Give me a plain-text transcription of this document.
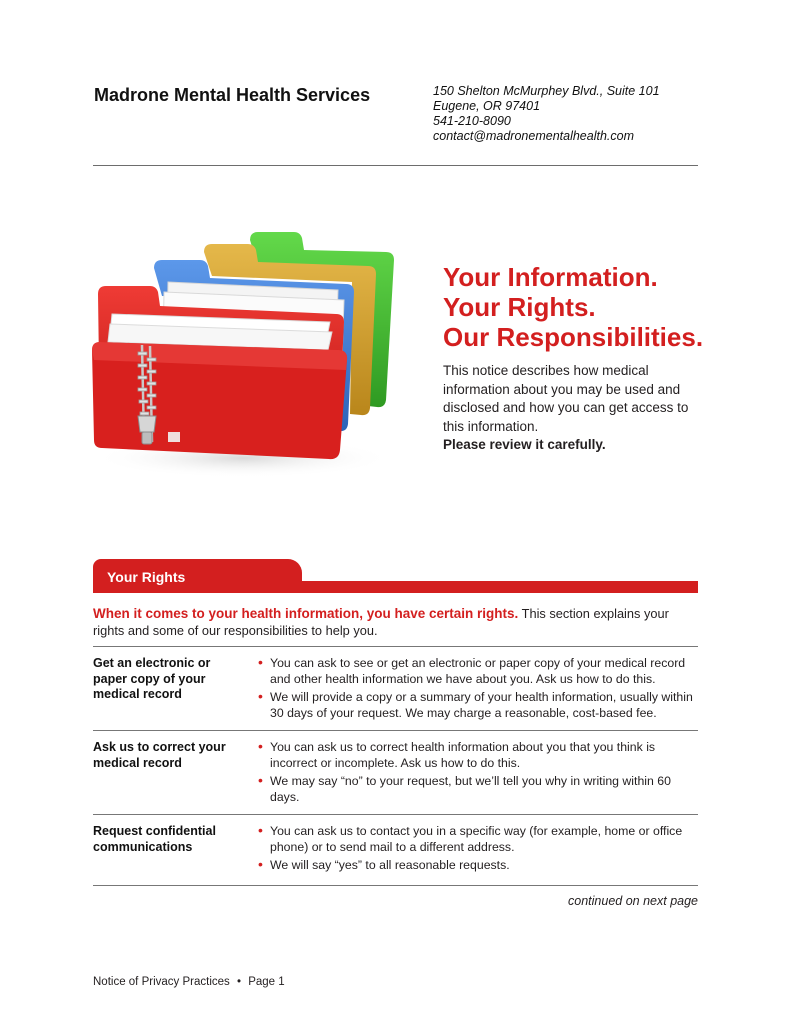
Madrone Mental Health Services	150 Shelton McMurphey Blvd., Suite 101
Eugene, OR 97401
541-210-8090
contact@madronementalhealth.com
Your Information.
Your Rights.
Our Responsibilities.
This notice describes how medical information about you may be used and disclosed and how you can get access to this information.
Please review it carefully.
Your Rights
When it comes to your health information, you have certain rights. This section explains your rights and some of our responsibilities to help you.
Get an electronic or paper copy of your medical record
• You can ask to see or get an electronic or paper copy of your medical record and other health information we have about you. Ask us how to do this.
• We will provide a copy or a summary of your health information, usually within 30 days of your request. We may charge a reasonable, cost-based fee.
Ask us to correct your medical record
• You can ask us to correct health information about you that you think is incorrect or incomplete. Ask us how to do this.
• We may say “no” to your request, but we’ll tell you why in writing within 60 days.
Request confidential communications
• You can ask us to contact you in a specific way (for example, home or office phone) or to send mail to a different address.
• We will say “yes” to all reasonable requests.
continued on next page
Notice of Privacy Practices • Page 1
